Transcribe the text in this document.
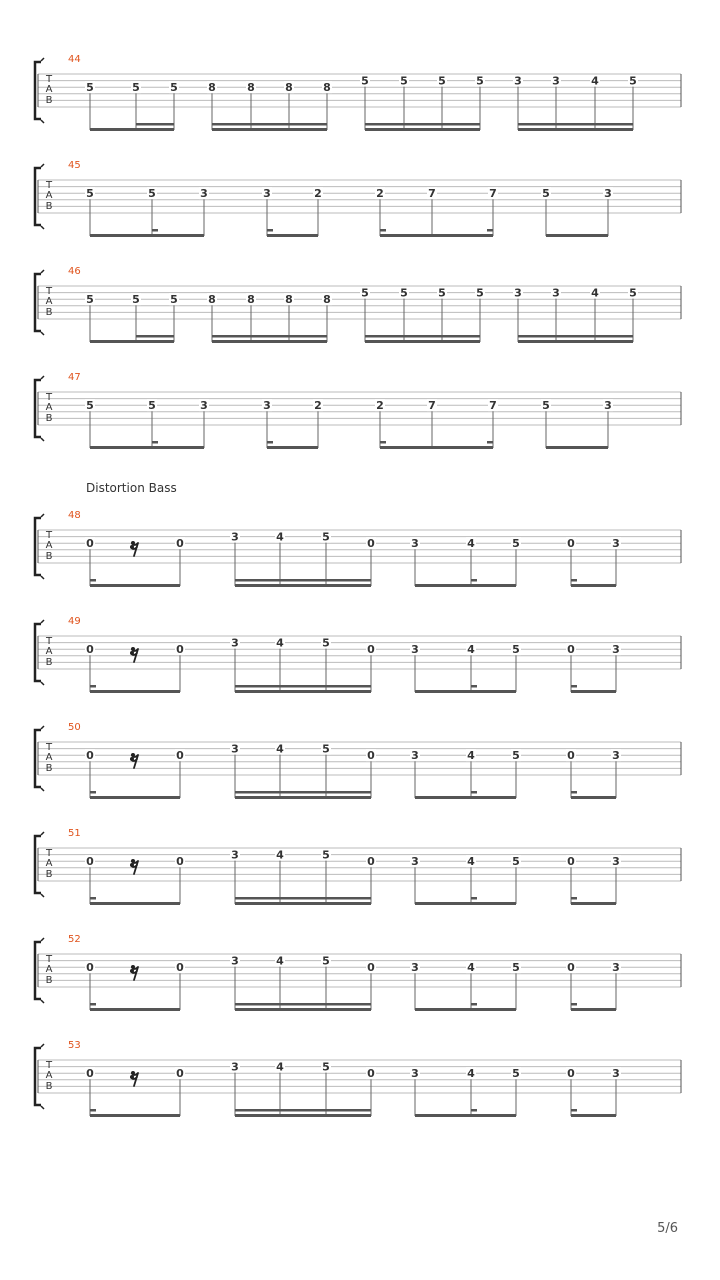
Distortion Bass
T
A
B
44
5	5	5	8	8	8	8
5	5	5	5	3	3	4	5
T
A
B
45
5	5	3	3	2	2	7	7	5	3
T
A
B
46
5	5	5	8	8	8	8
5	5	5	5	3	3	4	5
T
A
B
47
5	5	3	3	2	2	7	7	5	3
T
A
B
48
0	0
3	4	5
0	3	4	5	0	3
T
A
B
49
0	0
3	4	5
0	3	4	5	0	3
T
A
B
50
0	0
3	4	5
0	3	4	5	0	3
T
A
B
51
0	0
3	4	5
0	3	4	5	0	3
T
A
B
52
0	0
3	4	5
0	3	4	5	0	3
T
A
B
53
0	0
3	4	5
0	3	4	5	0	3
5/6
